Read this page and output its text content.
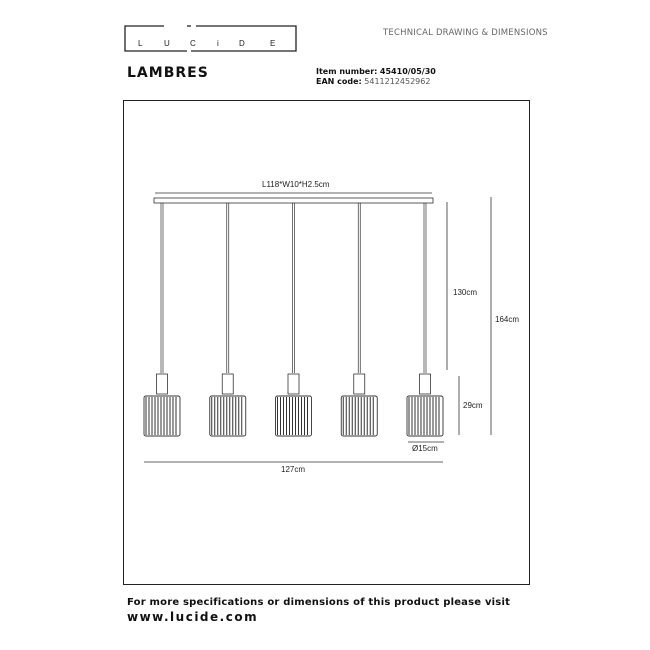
L	U	C	i	D	E
TECHNICAL DRAWING & DIMENSIONS
LAMBRES	Item number: 45410/05/30
EAN code: 5411212452962
L118*W10*H2.5cm
130cm
164cm
29cm
Ø15cm
127cm
For more specifications or dimensions of this product please visit
www.lucide.com
